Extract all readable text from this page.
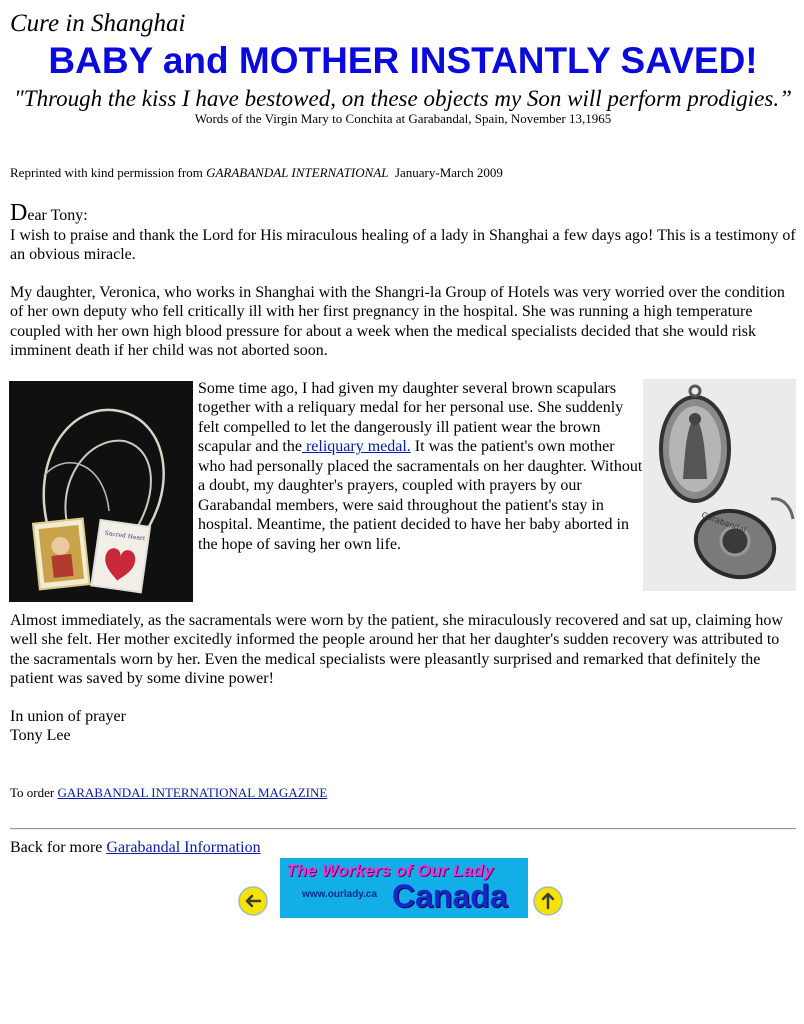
Cure in Shanghai
BABY and MOTHER INSTANTLY SAVED!
"Through the kiss I have bestowed, on these objects my Son will perform prodigies.”
Words of the Virgin Mary to Conchita at Garabandal, Spain, November 13,1965
Reprinted with kind permission from GARABANDAL INTERNATIONAL  January-March 2009

Dear Tony:

I wish to praise and thank the Lord for His miraculous healing of a lady in Shanghai a few days ago! This is a testimony of an obvious miracle.

My daughter, Veronica, who works in Shanghai with the Shangri-la Group of Hotels was very worried over the condition of her own deputy who fell critically ill with her first pregnancy in the hospital. She was running a high temperature coupled with her own high blood pressure for about a week when the medical specialists decided that she would risk imminent death if her child was not aborted soon.

Sacred Heart
Some time ago, I had given my daughter several brown scapulars together with a reliquary medal for her personal use. She suddenly felt compelled to let the dangerously ill patient wear the brown scapular and the reliquary medal. It was the patient's own mother who had personally placed the sacramentals on her daughter. Without a doubt, my daughter's prayers, coupled with prayers by our Garabandal members, were said throughout the patient's stay in hospital. Meantime, the patient decided to have her baby aborted in the hope of saving her own life.
Garabandal

Almost immediately, as the sacramentals were worn by the patient, she miraculously recovered and sat up, claiming how well she felt. Her mother excitedly informed the people around her that her daughter's sudden recovery was attributed to the sacramentals worn by her. Even the medical specialists were pleasantly surprised and remarked that definitely the patient was saved by some divine power!

In union of prayer

Tony Lee

To order GARABANDAL INTERNATIONAL MAGAZINE
Back for more Garabandal Information
The Workers of Our Lady
www.ourlady.ca Canada
